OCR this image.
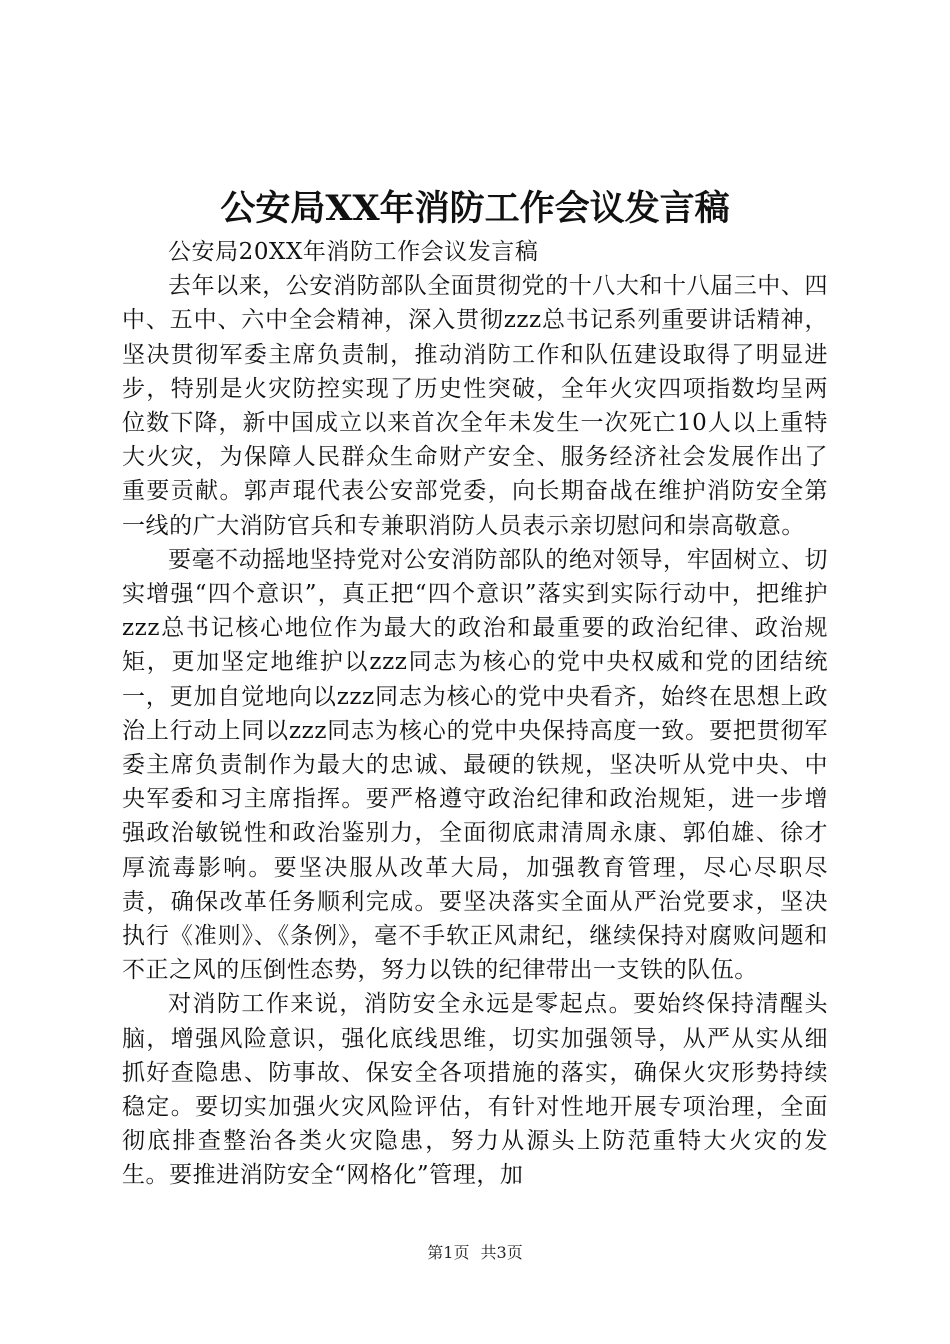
公安局XX年消防工作会议发言稿

公安局20XX年消防工作会议发言稿

去年以来，公安消防部队全面贯彻党的十八大和十八届三中、四中、五中、六中全会精神，深入贯彻zzz总书记系列重要讲话精神，坚决贯彻军委主席负责制，推动消防工作和队伍建设取得了明显进步，特别是火灾防控实现了历史性突破，全年火灾四项指数均呈两位数下降，新中国成立以来首次全年未发生一次死亡10人以上重特大火灾，为保障人民群众生命财产安全、服务经济社会发展作出了重要贡献。郭声琨代表公安部党委，向长期奋战在维护消防安全第一线的广大消防官兵和专兼职消防人员表示亲切慰问和崇高敬意。

要毫不动摇地坚持党对公安消防部队的绝对领导，牢固树立、切实增强“四个意识”，真正把“四个意识”落实到实际行动中，把维护zzz总书记核心地位作为最大的政治和最重要的政治纪律、政治规矩，更加坚定地维护以zzz同志为核心的党中央权威和党的团结统一，更加自觉地向以zzz同志为核心的党中央看齐，始终在思想上政治上行动上同以zzz同志为核心的党中央保持高度一致。要把贯彻军委主席负责制作为最大的忠诚、最硬的铁规，坚决听从党中央、中央军委和习主席指挥。要严格遵守政治纪律和政治规矩，进一步增强政治敏锐性和政治鉴别力，全面彻底肃清周永康、郭伯雄、徐才厚流毒影响。要坚决服从改革大局，加强教育管理，尽心尽职尽责，确保改革任务顺利完成。要坚决落实全面从严治党要求，坚决执行《准则》、《条例》，毫不手软正风肃纪，继续保持对腐败问题和不正之风的压倒性态势，努力以铁的纪律带出一支铁的队伍。

对消防工作来说，消防安全永远是零起点。要始终保持清醒头脑，增强风险意识，强化底线思维，切实加强领导，从严从实从细抓好查隐患、防事故、保安全各项措施的落实，确保火灾形势持续稳定。要切实加强火灾风险评估，有针对性地开展专项治理，全面彻底排查整治各类火灾隐患，努力从源头上防范重特大火灾的发生。要推进消防安全“网格化”管理，加

第1页 共3页
